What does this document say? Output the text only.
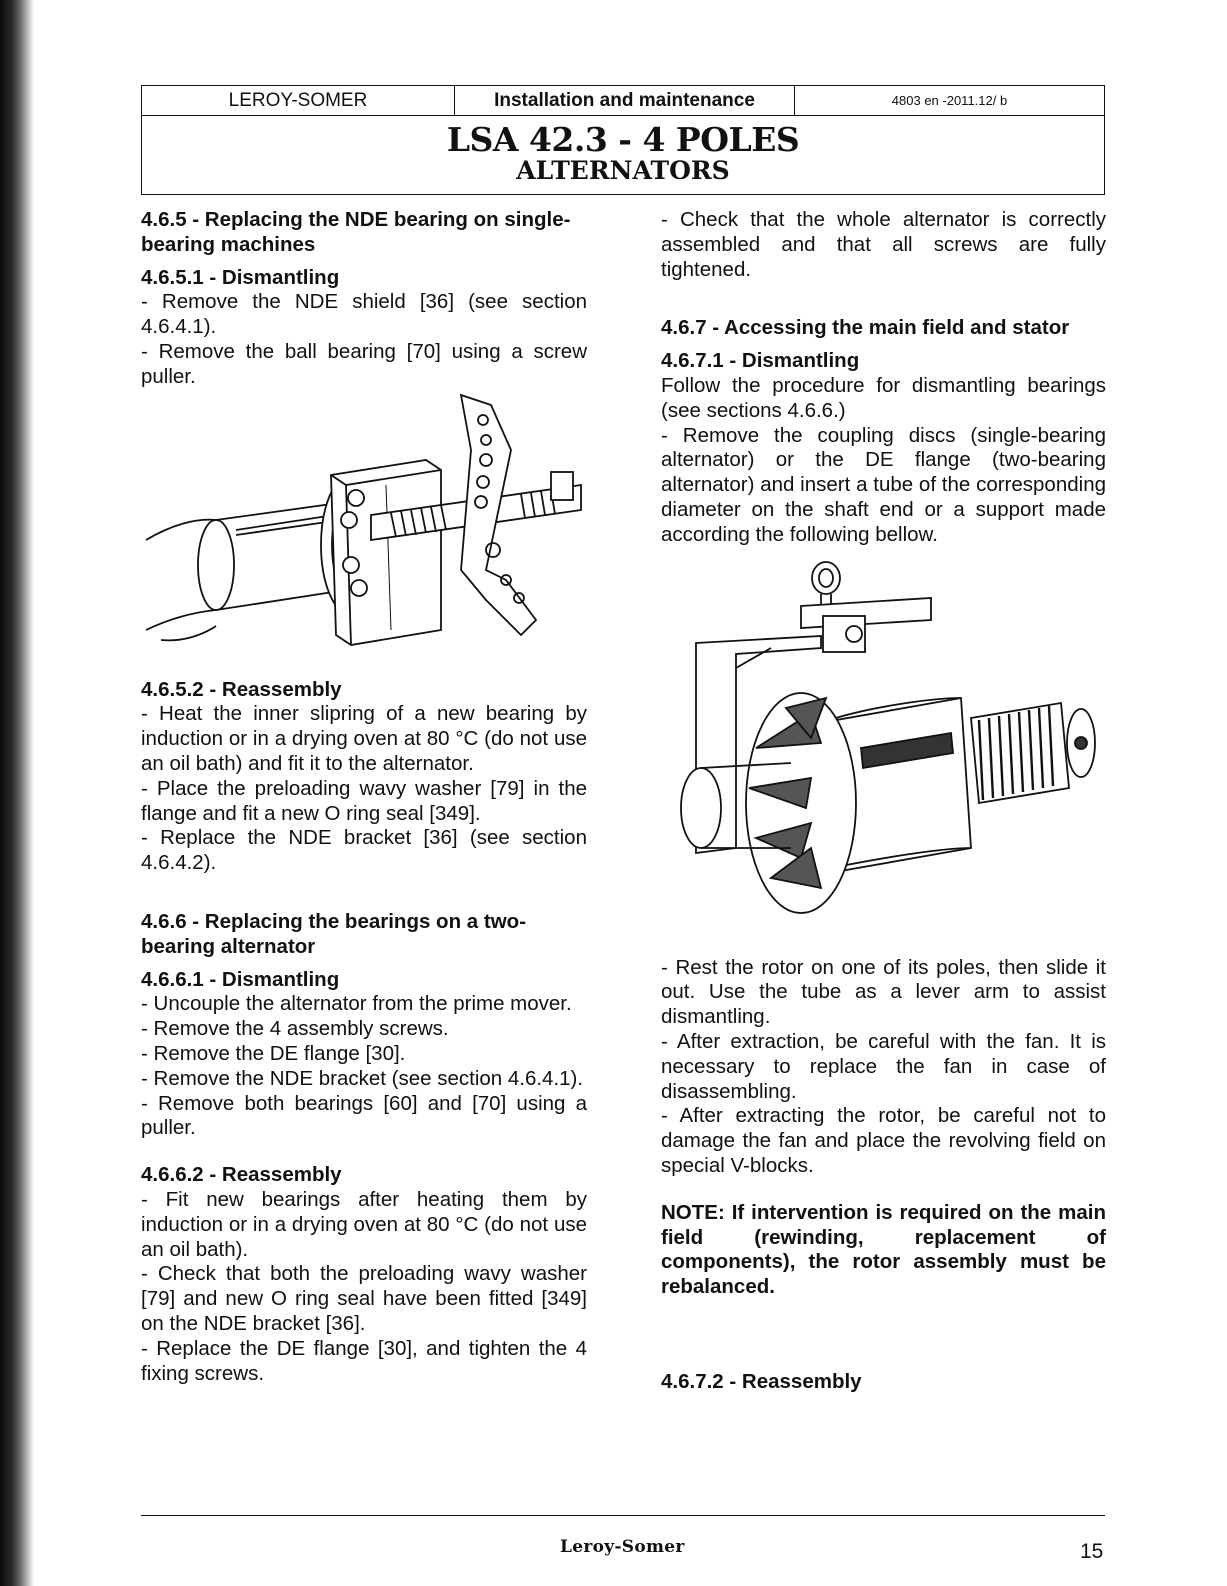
LEROY-SOMER	Installation and maintenance	4803 en -2011.12/ b
LSA 42.3 - 4 POLES
ALTERNATORS

4.6.5 - Replacing the NDE bearing on single-bearing machines

4.6.5.1 - Dismantling

- Remove the NDE shield [36] (see section 4.6.4.1).

- Remove the ball bearing [70] using a screw puller.

4.6.5.2 - Reassembly

- Heat the inner slipring of a new bearing by induction or in a drying oven at 80 °C (do not use an oil bath) and fit it to the alternator.

- Place the preloading wavy washer [79] in the flange and fit a new O ring seal [349].

- Replace the NDE bracket [36] (see section 4.6.4.2).

4.6.6 - Replacing the bearings on a two-bearing alternator

4.6.6.1 - Dismantling

- Uncouple the alternator from the prime mover.

- Remove the 4 assembly screws.

- Remove the DE flange [30].

- Remove the NDE bracket (see section 4.6.4.1).

- Remove both bearings [60] and [70] using a puller.

4.6.6.2 - Reassembly

- Fit new bearings after heating them by induction or in a drying oven at 80 °C (do not use an oil bath).

- Check that both the preloading wavy washer [79] and new O ring seal have been fitted [349] on the NDE bracket [36].

- Replace the DE flange [30], and tighten the 4 fixing screws.

- Check that the whole alternator is correctly assembled and that all screws are fully tightened.

4.6.7 - Accessing the main field and stator

4.6.7.1 - Dismantling

Follow the procedure for dismantling bearings (see sections 4.6.6.)

- Remove the coupling discs (single-bearing alternator) or the DE flange (two-bearing alternator) and insert a tube of the corresponding diameter on the shaft end or a support made according the following bellow.

- Rest the rotor on one of its poles, then slide it out. Use the tube as a lever arm to assist dismantling.

- After extraction, be careful with the fan. It is necessary to replace the fan in case of disassembling.

- After extracting the rotor, be careful not to damage the fan and place the revolving field on special V-blocks.

NOTE: If intervention is required on the main field (rewinding, replacement of components), the rotor assembly must be rebalanced.

4.6.7.2 - Reassembly

Leroy-Somer	15
